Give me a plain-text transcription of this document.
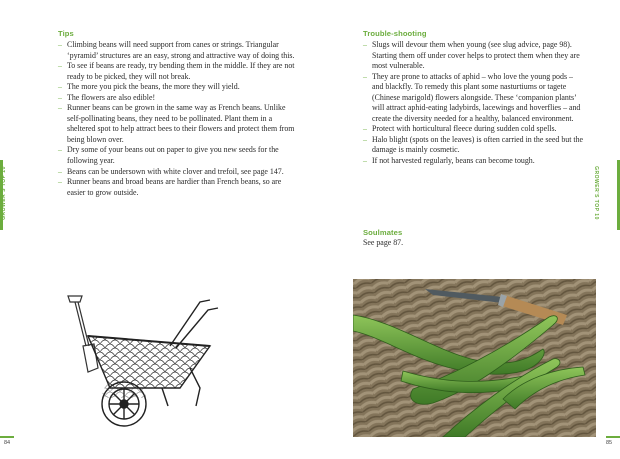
Tips
– Climbing beans will need support from canes or strings. Triangular ‘pyramid’ structures are an easy, strong and attractive way of doing this.
– To see if beans are ready, try bending them in the middle. If they are not ready to be picked, they will not break.
– The more you pick the beans, the more they will yield.
– The flowers are also edible!
– Runner beans can be grown in the same way as French beans. Unlike self-pollinating beans, they need to be pollinated. Plant them in a sheltered spot to help attract bees to their flowers and protect them from being blown over.
– Dry some of your beans out on paper to give you new seeds for the following year.
– Beans can be undersown with white clover and trefoil, see page 147.
– Runner beans and broad beans are hardier than French beans, so are easier to grow outside.
GROWER’S TOP 10
84
Trouble-shooting
– Slugs will devour them when young (see slug advice, page 98). Starting them off under cover helps to protect them when they are most vulnerable.
– They are prone to attacks of aphid – who love the young pods – and blackfly. To remedy this plant some nasturtiums or tagete (Chinese marigold) flowers alongside. These ‘companion plants’ will attract aphid-eating ladybirds, lacewings and hoverflies – and create the diversity needed for a healthy, balanced environment.
– Protect with horticultural fleece during sudden cold spells.
– Halo blight (spots on the leaves) is often carried in the seed but the damage is mainly cosmetic.
– If not harvested regularly, beans can become tough.
Soulmates

See page 87.

GROWER’S TOP 10
85
